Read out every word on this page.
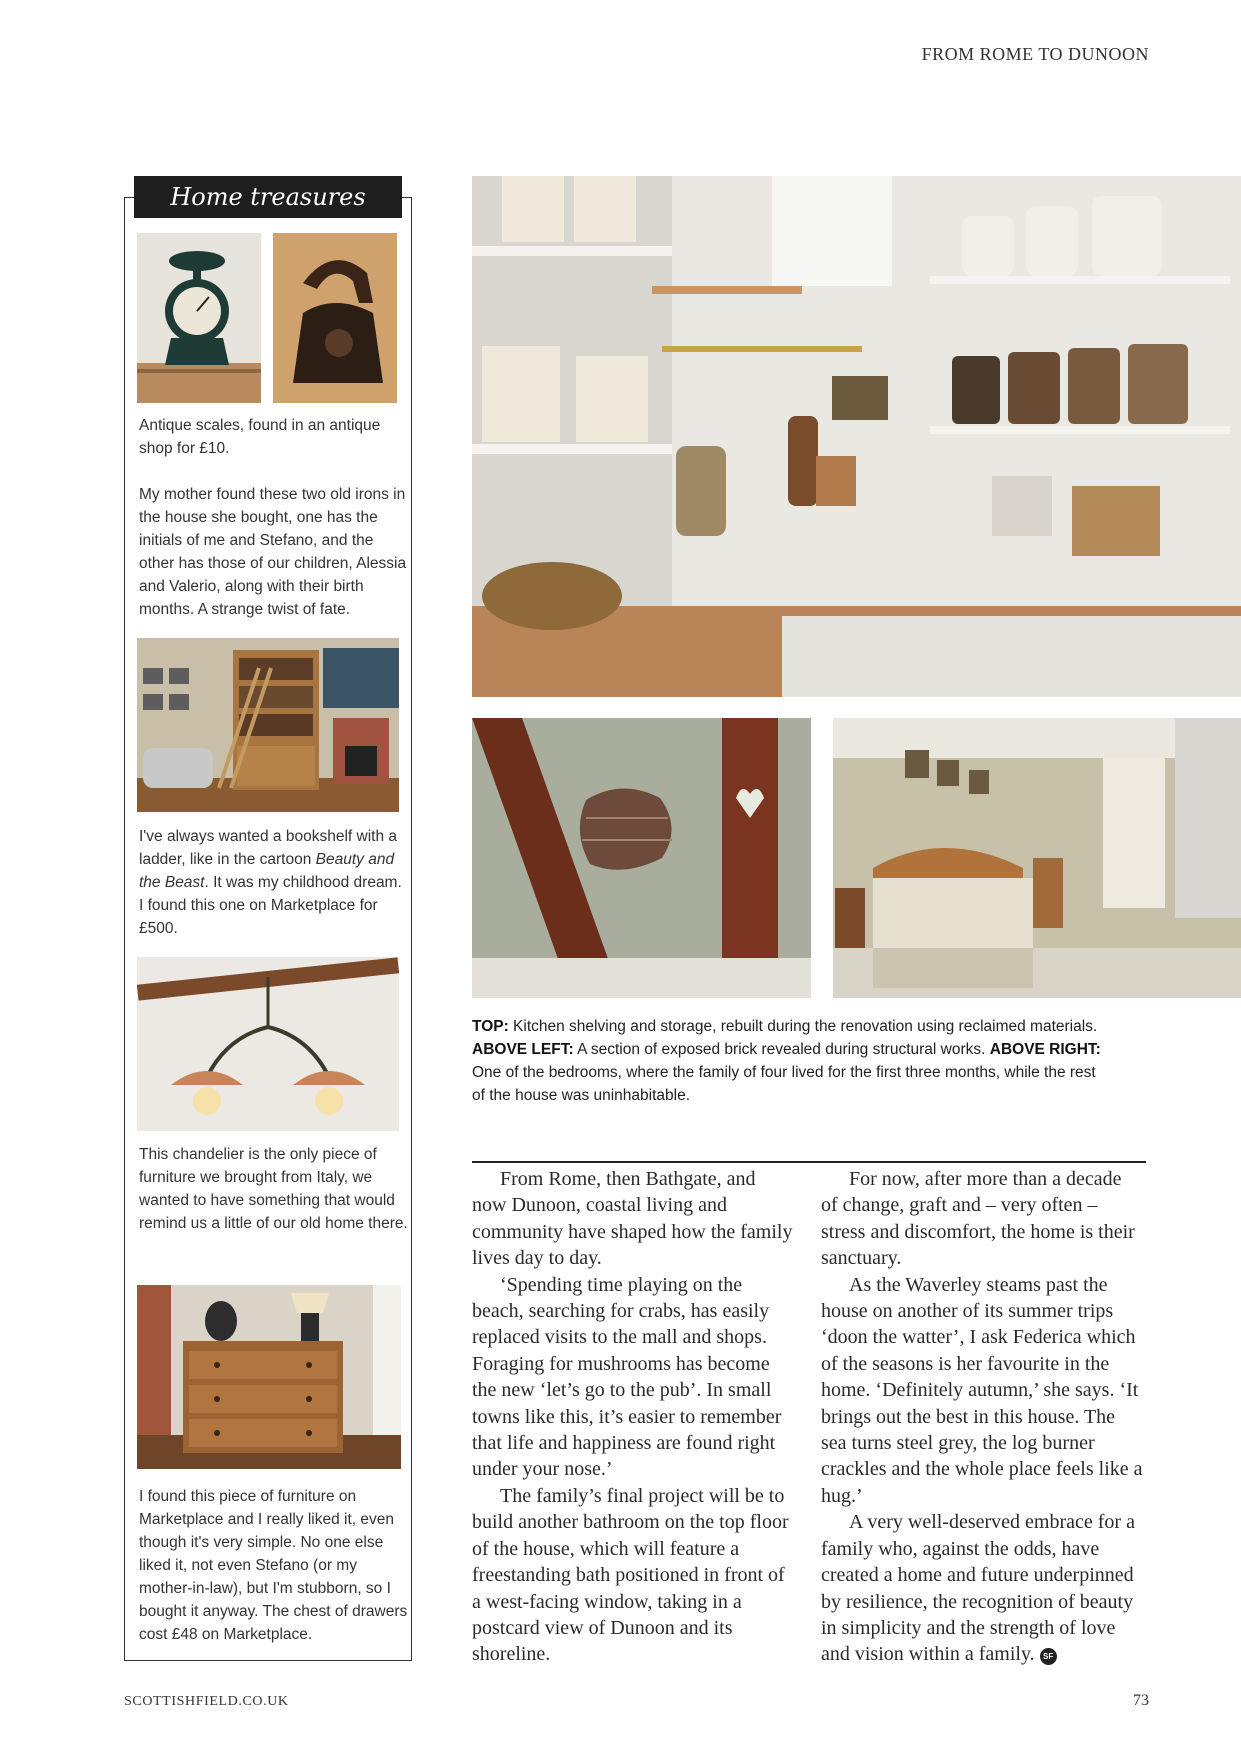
FROM ROME TO DUNOON
Home treasures

Antique scales, found in an antique shop for £10.

My mother found these two old irons in the house she bought, one has the initials of me and Stefano, and the other has those of our children, Alessia and Valerio, along with their birth months. A strange twist of fate.

I've always wanted a bookshelf with a ladder, like in the cartoon Beauty and the Beast. It was my childhood dream. I found this one on Marketplace for £500.

This chandelier is the only piece of furniture we brought from Italy, we wanted to have something that would remind us a little of our old home there.

I found this piece of furniture on Marketplace and I really liked it, even though it's very simple. No one else liked it, not even Stefano (or my mother-in-law), but I'm stubborn, so I bought it anyway. The chest of drawers cost £48 on Marketplace.

TOP: Kitchen shelving and storage, rebuilt during the renovation using reclaimed materials. ABOVE LEFT: A section of exposed brick revealed during structural works. ABOVE RIGHT: One of the bedrooms, where the family of four lived for the first three months, while the rest of the house was uninhabitable.

From Rome, then Bathgate, and now Dunoon, coastal living and community have shaped how the family lives day to day.

‘Spending time playing on the beach, searching for crabs, has easily replaced visits to the mall and shops. Foraging for mushrooms has become the new ‘let’s go to the pub’. In small towns like this, it’s easier to remember that life and happiness are found right under your nose.’

The family’s final project will be to build another bathroom on the top floor of the house, which will feature a freestanding bath positioned in front of a west-facing window, taking in a postcard view of Dunoon and its shoreline.

For now, after more than a decade of change, graft and – very often – stress and discomfort, the home is their sanctuary.

As the Waverley steams past the house on another of its summer trips ‘doon the watter’, I ask Federica which of the seasons is her favourite in the home. ‘Definitely autumn,’ she says. ‘It brings out the best in this house. The sea turns steel grey, the log burner crackles and the whole place feels like a hug.’

A very well-deserved embrace for a family who, against the odds, have created a home and future underpinned by resilience, the recognition of beauty in simplicity and the strength of love and vision within a family. SF

SCOTTISHFIELD.CO.UK	73
